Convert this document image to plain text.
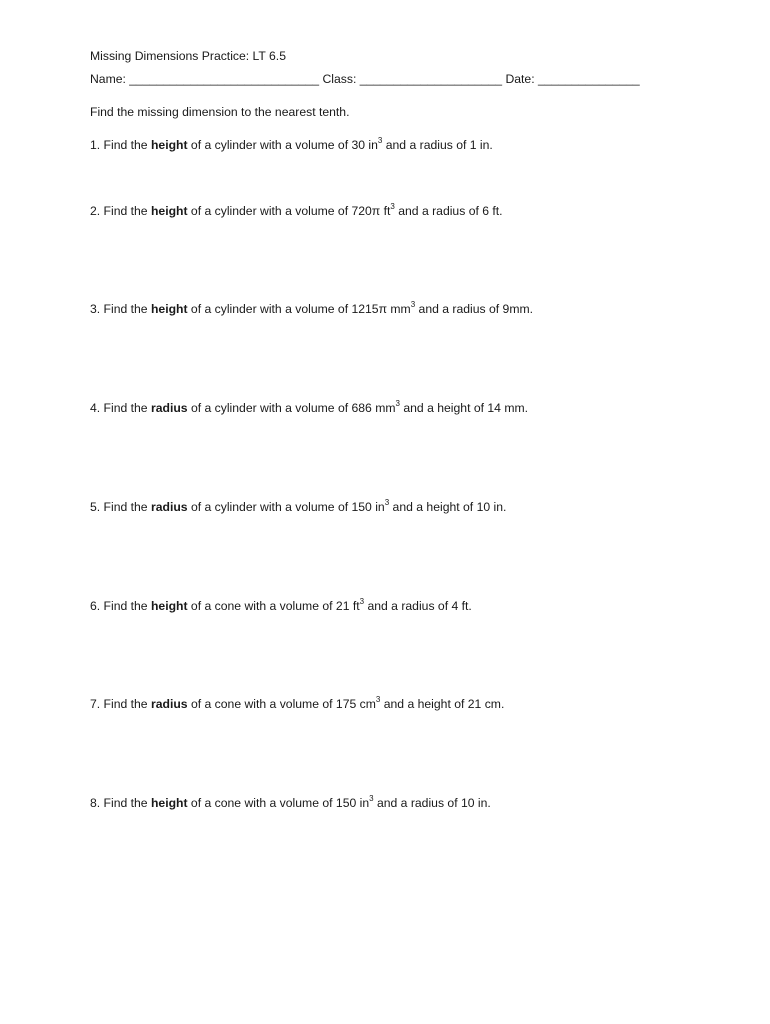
Missing Dimensions Practice: LT 6.5
Name: ____________________________ Class: _____________________ Date: _______________
Find the missing dimension to the nearest tenth.
1. Find the height of a cylinder with a volume of 30 $in^3$ and a radius of 1 in.
2. Find the height of a cylinder with a volume of 720π $ft^3$ and a radius of 6 ft.
3. Find the height of a cylinder with a volume of 1215π $mm^3$ and a radius of 9mm.
4. Find the radius of a cylinder with a volume of 686 $mm^3$ and a height of 14 mm.
5. Find the radius of a cylinder with a volume of 150 $in^3$ and a height of 10 in.
6. Find the height of a cone with a volume of 21 $ft^3$ and a radius of 4 ft.
7. Find the radius of a cone with a volume of 175 $cm^3$ and a height of 21 cm.
8. Find the height of a cone with a volume of 150 $in^3$ and a radius of 10 in.
